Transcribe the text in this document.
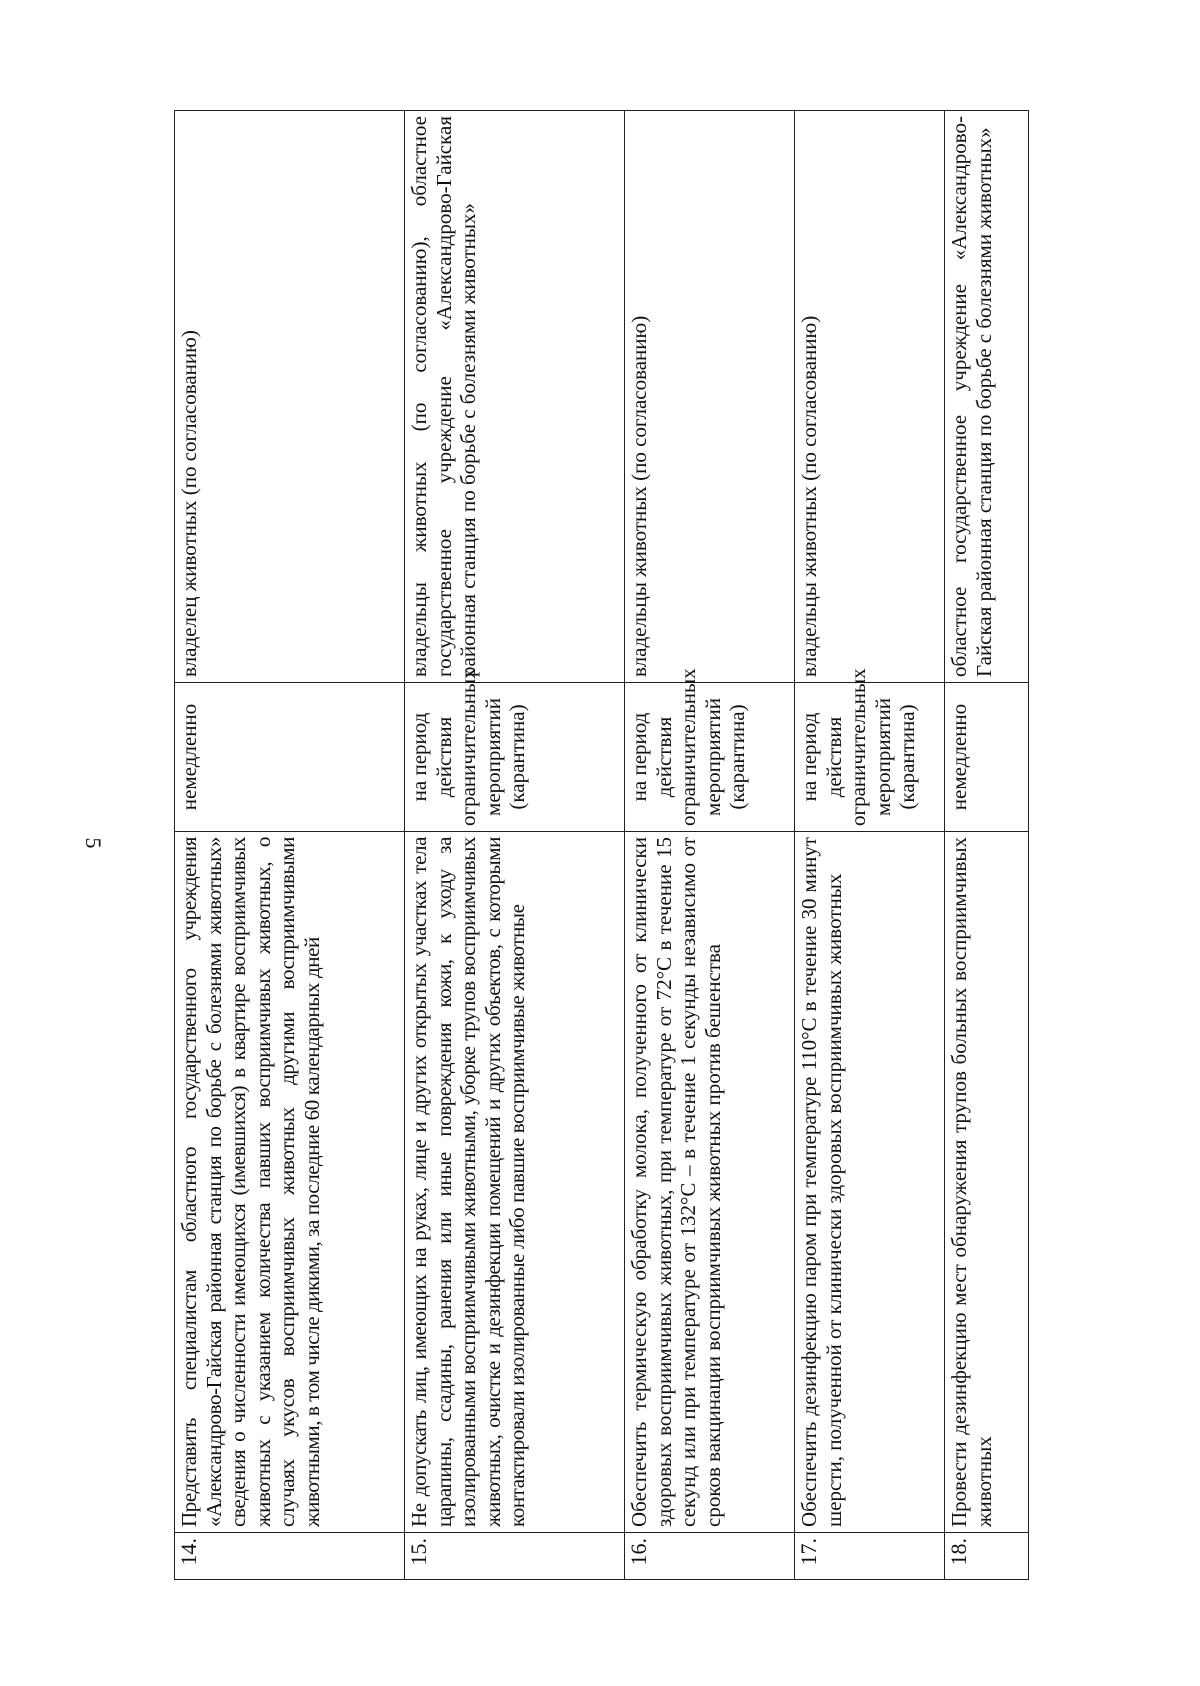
5
14.	Представить специалистам областного государственного учреждения «Александрово-Гайская районная станция по борьбе с болезнями животных» сведения о численности имеющихся (имевшихся) в квартире восприимчивых животных с указанием количества павших восприимчивых животных, о случаях укусов восприимчивых животных другими восприимчивыми животными, в том числе дикими, за последние 60 календарных дней	немедленно	владелец животных (по согласованию)
15.	Не допускать лиц, имеющих на руках, лице и других открытых участках тела царапины, ссадины, ранения или иные повреждения кожи, к уходу за изолированными восприимчивыми животными, уборке трупов восприимчивых животных, очистке и дезинфекции помещений и других объектов, с которыми контактировали изолированные либо павшие восприимчивые животные	на период действия ограничительных мероприятий (карантина)	владельцы животных (по согласованию), областное государственное учреждение «Александрово-Гайская районная станция по борьбе с болезнями животных»
16.	Обеспечить термическую обработку молока, полученного от клинически здоровых восприимчивых животных, при температуре от 72°С в течение 15 секунд или при температуре от 132°С – в течение 1 секунды независимо от сроков вакцинации восприимчивых животных против бешенства	на период действия ограничительных мероприятий (карантина)	владельцы животных (по согласованию)
17.	Обеспечить дезинфекцию паром при температуре 110°С в течение 30 минут шерсти, полученной от клинически здоровых восприимчивых животных	на период действия ограничительных мероприятий (карантина)	владельцы животных (по согласованию)
18.	Провести дезинфекцию мест обнаружения трупов больных восприимчивых животных	немедленно	областное государственное учреждение «Александрово-Гайская районная станция по борьбе с болезнями животных»
